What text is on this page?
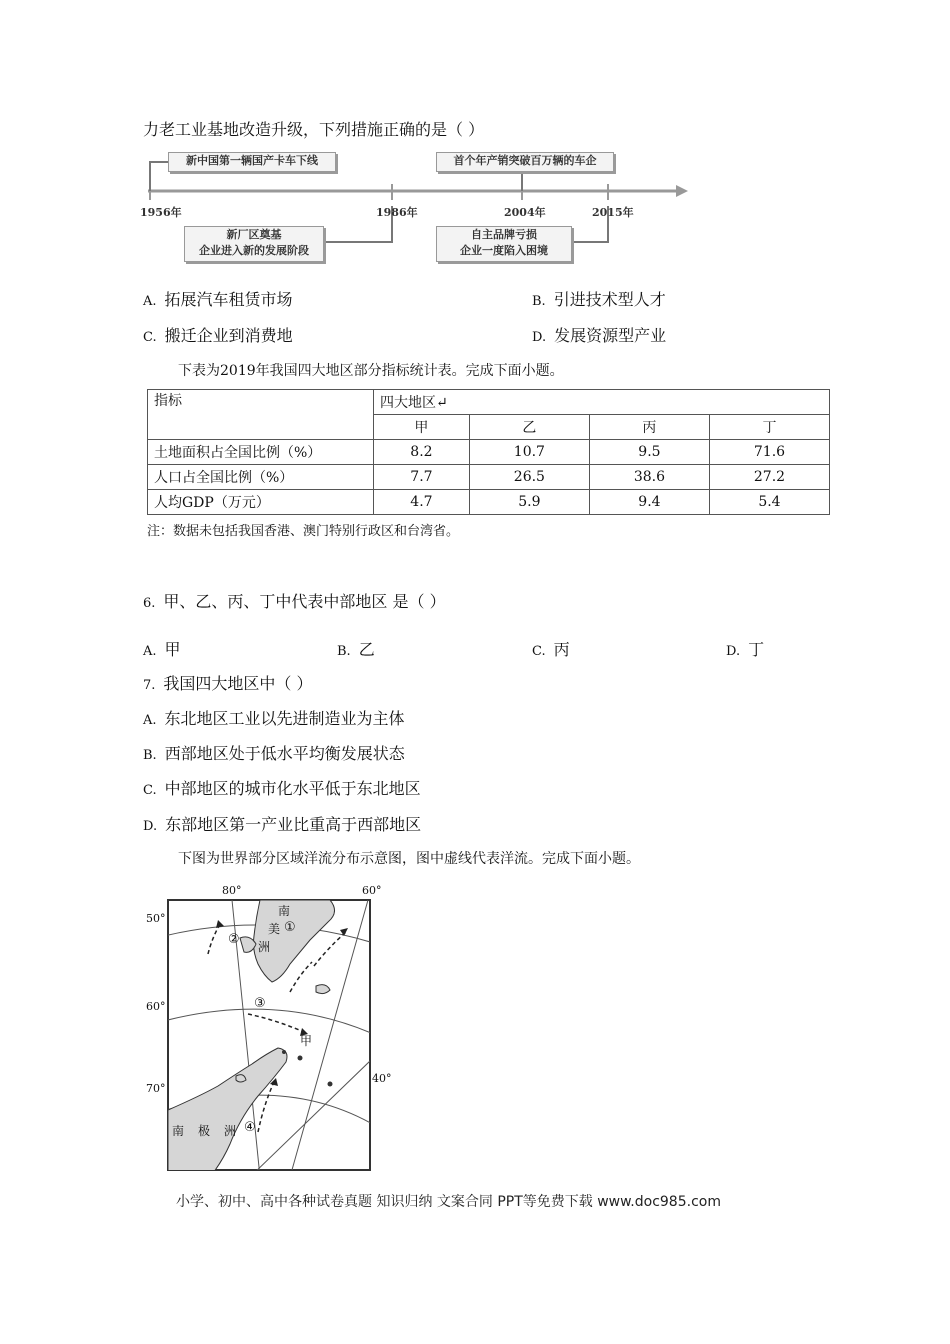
力老工业基地改造升级，下列措施正确的是（ ）
新中国第一辆国产卡车下线	首个年产销突破百万辆的车企
1956年	1986年	2004年	2015年
新厂区奠基
企业进入新的发展阶段
自主品牌亏损
企业一度陷入困境
A. 拓展汽车租赁市场	B. 引进技术型人才
C. 搬迁企业到消费地	D. 发展资源型产业
下表为2019年我国四大地区部分指标统计表。完成下面小题。
指标	四大地区↵			
	甲	乙	丙	丁
土地面积占全国比例（%）	8.2	10.7	9.5	71.6
人口占全国比例（%）	7.7	26.5	38.6	27.2
人均GDP（万元）	4.7	5.9	9.4	5.4
注：数据未包括我国香港、澳门特别行政区和台湾省。
6. 甲、乙、丙、丁中代表中部地区 是（ ）
A. 甲	B. 乙	C. 丙	D. 丁
7. 我国四大地区中（ ）
A. 东北地区工业以先进制造业为主体
B. 西部地区处于低水平均衡发展状态
C. 中部地区的城市化水平低于东北地区
D. 东部地区第一产业比重高于西部地区
下图为世界部分区域洋流分布示意图，图中虚线代表洋流。完成下面小题。
80°	60°
40°
50°
60°
70°
南
美
洲
①
②
③
④
甲
南 极 洲
小学、初中、高中各种试卷真题 知识归纳 文案合同 PPT等免费下载 www.doc985.com
